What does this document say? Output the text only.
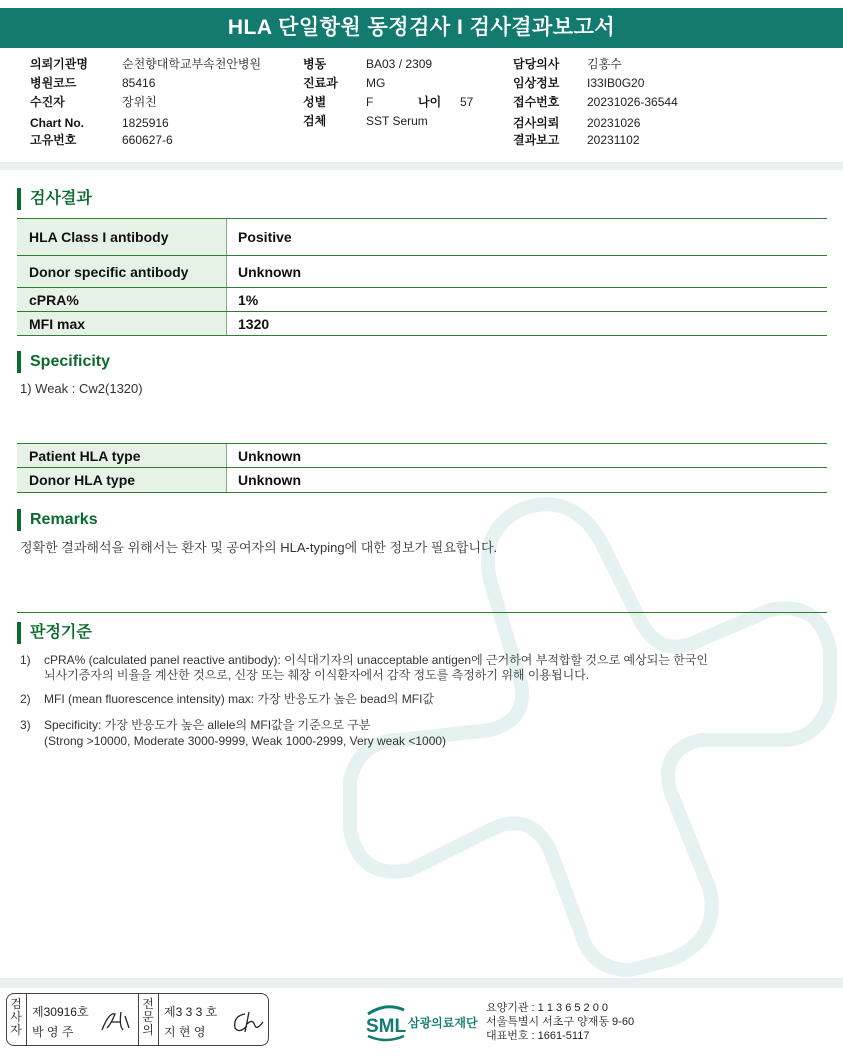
HLA 단일항원 동정검사 I 검사결과보고서
의뢰기관명	순천향대학교부속천안병원
병원코드	85416
수진자	장위친
Chart No.	1825916
고유번호	660627-6
병동	BA03 / 2309
진료과 MG
성별	F	나이 57
검체	SST Serum
담당의사 김홍수
임상정보 I33IB0G20
접수번호 20231026-36544
검사의뢰 20231026
결과보고 20231102
검사결과
HLA Class I antibody	Positive
Donor specific antibody	Unknown
cPRA%	1%
MFI max	1320
Specificity
1) Weak : Cw2(1320)
Patient HLA type	Unknown
Donor HLA type	Unknown
Remarks
정확한 결과해석을 위해서는 환자 및 공여자의 HLA-typing에 대한 정보가 필요합니다.
판정기준
1) cPRA% (calculated panel reactive antibody): 이식대기자의 unacceptable antigen에 근거하여 부적합할 것으로 예상되는 한국인
뇌사기증자의 비율을 계산한 것으로, 신장 또는 췌장 이식환자에서 감작 정도를 측정하기 위해 이용됩니다.
2) MFI (mean fluorescence intensity) max: 가장 반응도가 높은 bead의 MFI값
3) Specificity: 가장 반응도가 높은 allele의 MFI값을 기준으로 구분
(Strong >10000, Moderate 3000-9999, Weak 1000-2999, Very weak <1000)
검
사
자
제30916호
박 영 주
전
문
의
제3 3 3 호
지 현 영	SML 삼광의료재단
요양기관 : 1 1 3 6 5 2 0 0
서울특별시 서초구 양재동 9-60
대표번호 : 1661-5117
